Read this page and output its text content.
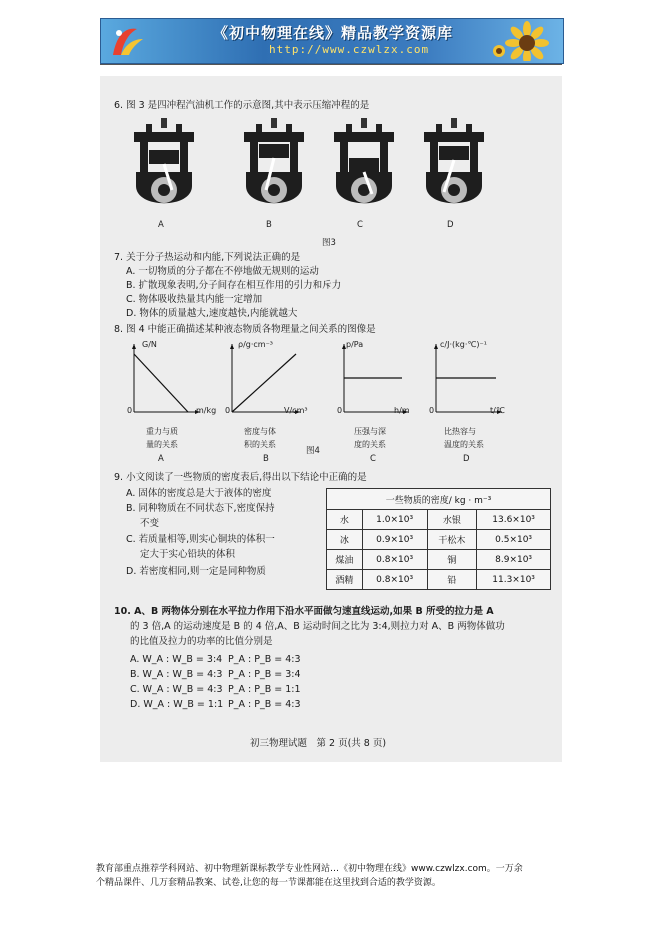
《初中物理在线》精品教学资源库
http://www.czwlzx.com
6. 图 3 是四冲程汽油机工作的示意图,其中表示压缩冲程的是
A	B	C	D
图3
7. 关于分子热运动和内能,下列说法正确的是
A. 一切物质的分子都在不停地做无规则的运动
B. 扩散现象表明,分子间存在相互作用的引力和斥力
C. 物体吸收热量其内能一定增加
D. 物体的质量越大,速度越快,内能就越大
8. 图 4 中能正确描述某种液态物质各物理量之间关系的图像是
G/N
m/kg
0
ρ/g·cm⁻³
V/cm³
0
p/Pa
h/m
0
c/J·(kg·℃)⁻¹
t/℃
0
重力与质
量的关系
A
密度与体
积的关系
B
压强与深
度的关系
C
比热容与
温度的关系
D
图4
9. 小文阅读了一些物质的密度表后,得出以下结论中正确的是
A. 固体的密度总是大于液体的密度
B. 同种物质在不同状态下,密度保持
不变
C. 若质量相等,则实心铜块的体积一
定大于实心铅块的体积
D. 若密度相同,则一定是同种物质
一些物质的密度/ kg · m⁻³			
水	1.0×10³	水银	13.6×10³
冰	0.9×10³	干松木	0.5×10³
煤油	0.8×10³	铜	8.9×10³
酒精	0.8×10³	铅	11.3×10³
10. A、B 两物体分别在水平拉力作用下沿水平面做匀速直线运动,如果 B 所受的拉力是 A
的 3 倍,A 的运动速度是 B 的 4 倍,A、B 运动时间之比为 3:4,则拉力对 A、B 两物体做功
的比值及拉力的功率的比值分别是
A. W_A : W_B = 3:4 P_A : P_B = 4:3
B. W_A : W_B = 4:3 P_A : P_B = 3:4
C. W_A : W_B = 4:3 P_A : P_B = 1:1
D. W_A : W_B = 1:1 P_A : P_B = 4:3
初三物理试题　第 2 页(共 8 页)
教育部重点推荐学科网站、初中物理新课标教学专业性网站…《初中物理在线》www.czwlzx.com。一万余
个精品课件、几万套精品教案、试卷,让您的每一节课都能在这里找到合适的教学资源。
